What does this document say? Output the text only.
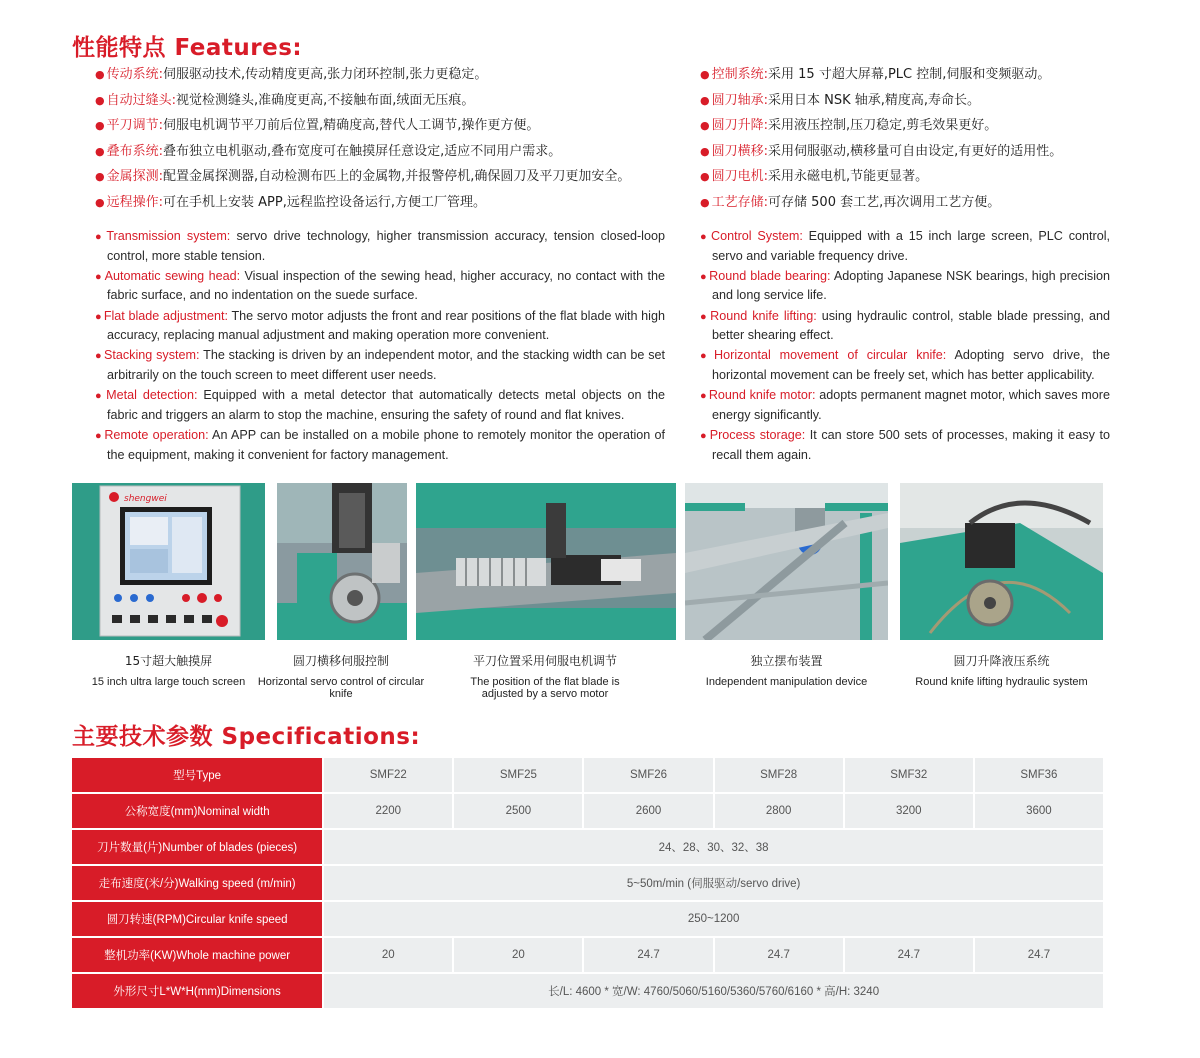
性能特点 Features:
● 传动系统:伺服驱动技术,传动精度更高,张力闭环控制,张力更稳定。
● 自动过缝头:视觉检测缝头,准确度更高,不接触布面,绒面无压痕。
● 平刀调节:伺服电机调节平刀前后位置,精确度高,替代人工调节,操作更方便。
● 叠布系统:叠布独立电机驱动,叠布宽度可在触摸屏任意设定,适应不同用户需求。
● 金属探测:配置金属探测器,自动检测布匹上的金属物,并报警停机,确保圆刀及平刀更加安全。
● 远程操作:可在手机上安装 APP,远程监控设备运行,方便工厂管理。
● Transmission system: servo drive technology, higher transmission accuracy, tension closed-loop control, more stable tension.
● Automatic sewing head: Visual inspection of the sewing head, higher accuracy, no contact with the fabric surface, and no indentation on the suede surface.
● Flat blade adjustment: The servo motor adjusts the front and rear positions of the flat blade with high accuracy, replacing manual adjustment and making operation more convenient.
● Stacking system: The stacking is driven by an independent motor, and the stacking width can be set arbitrarily on the touch screen to meet different user needs.
● Metal detection: Equipped with a metal detector that automatically detects metal objects on the fabric and triggers an alarm to stop the machine, ensuring the safety of round and flat knives.
● Remote operation: An APP can be installed on a mobile phone to remotely monitor the operation of the equipment, making it convenient for factory management.
● 控制系统:采用 15 寸超大屏幕,PLC 控制,伺服和变频驱动。
● 圆刀轴承:采用日本 NSK 轴承,精度高,寿命长。
● 圆刀升降:采用液压控制,压刀稳定,剪毛效果更好。
● 圆刀横移:采用伺服驱动,横移量可自由设定,有更好的适用性。
● 圆刀电机:采用永磁电机,节能更显著。
● 工艺存储:可存储 500 套工艺,再次调用工艺方便。
● Control System: Equipped with a 15 inch large screen, PLC control, servo and variable frequency drive.
● Round blade bearing: Adopting Japanese NSK bearings, high precision and long service life.
● Round knife lifting: using hydraulic control, stable blade pressing, and better shearing effect.
● Horizontal movement of circular knife: Adopting servo drive, the horizontal movement can be freely set, which has better applicability.
● Round knife motor: adopts permanent magnet motor, which saves more energy significantly.
● Process storage: It can store 500 sets of processes, making it easy to recall them again.
shengwei
15寸超大触摸屏
15 inch ultra large touch screen
圆刀横移伺服控制
Horizontal servo control of circular knife
平刀位置采用伺服电机调节
The position of the flat blade is adjusted by a servo motor
独立摆布装置
Independent manipulation device
圆刀升降液压系统
Round knife lifting hydraulic system
主要技术参数 Specifications:
型号Type	SMF22	SMF25	SMF26	SMF28	SMF32	SMF36
公称宽度(mm)Nominal width	2200	2500	2600	2800	3200	3600
刀片数量(片)Number of blades (pieces)	24、28、30、32、38					
走布速度(米/分)Walking speed (m/min)	5~50m/min (伺服驱动/servo drive)					
圆刀转速(RPM)Circular knife speed	250~1200					
整机功率(KW)Whole machine power	20	20	24.7	24.7	24.7	24.7
外形尺寸L*W*H(mm)Dimensions	长/L: 4600 * 宽/W: 4760/5060/5160/5360/5760/6160 * 高/H: 3240					
